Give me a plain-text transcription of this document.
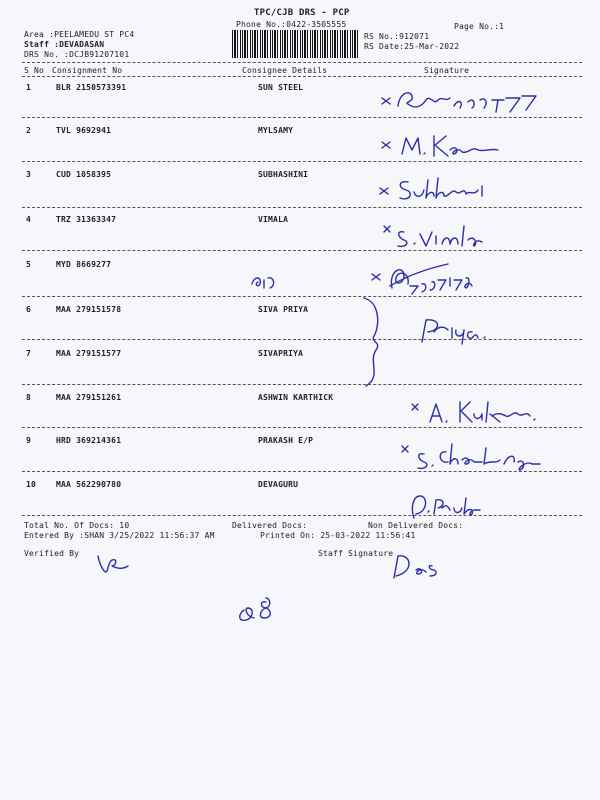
TPC/CJB DRS - PCP
Phone No.:0422-3505555	Page No.:1
Area :PEELAMEDU ST PC4
Staff :DEVADASAN
DRS No. :DCJB91207101
RS No.:912071
RS Date:25-Mar-2022
S No Consignment No	Consignee Details	Signature
1	BLR 2150573391	SUN STEEL
2	TVL 9692941	MYLSAMY
3	CUD 1058395	SUBHASHINI
4	TRZ 31363347	VIMALA
5	MYD 8669277
6	MAA 279151578	SIVA PRIYA
7	MAA 279151577	SIVAPRIYA
8	MAA 279151261	ASHWIN KARTHICK
9	HRD 369214361	PRAKASH E/P
10 MAA 562290780	DEVAGURU
Total No. Of Docs: 10	Delivered Docs:	Non Delivered Docs:
Entered By :SHAN 3/25/2022 11:56:37 AM	Printed On: 25-03-2022 11:56:41
Verified By	Staff Signature
